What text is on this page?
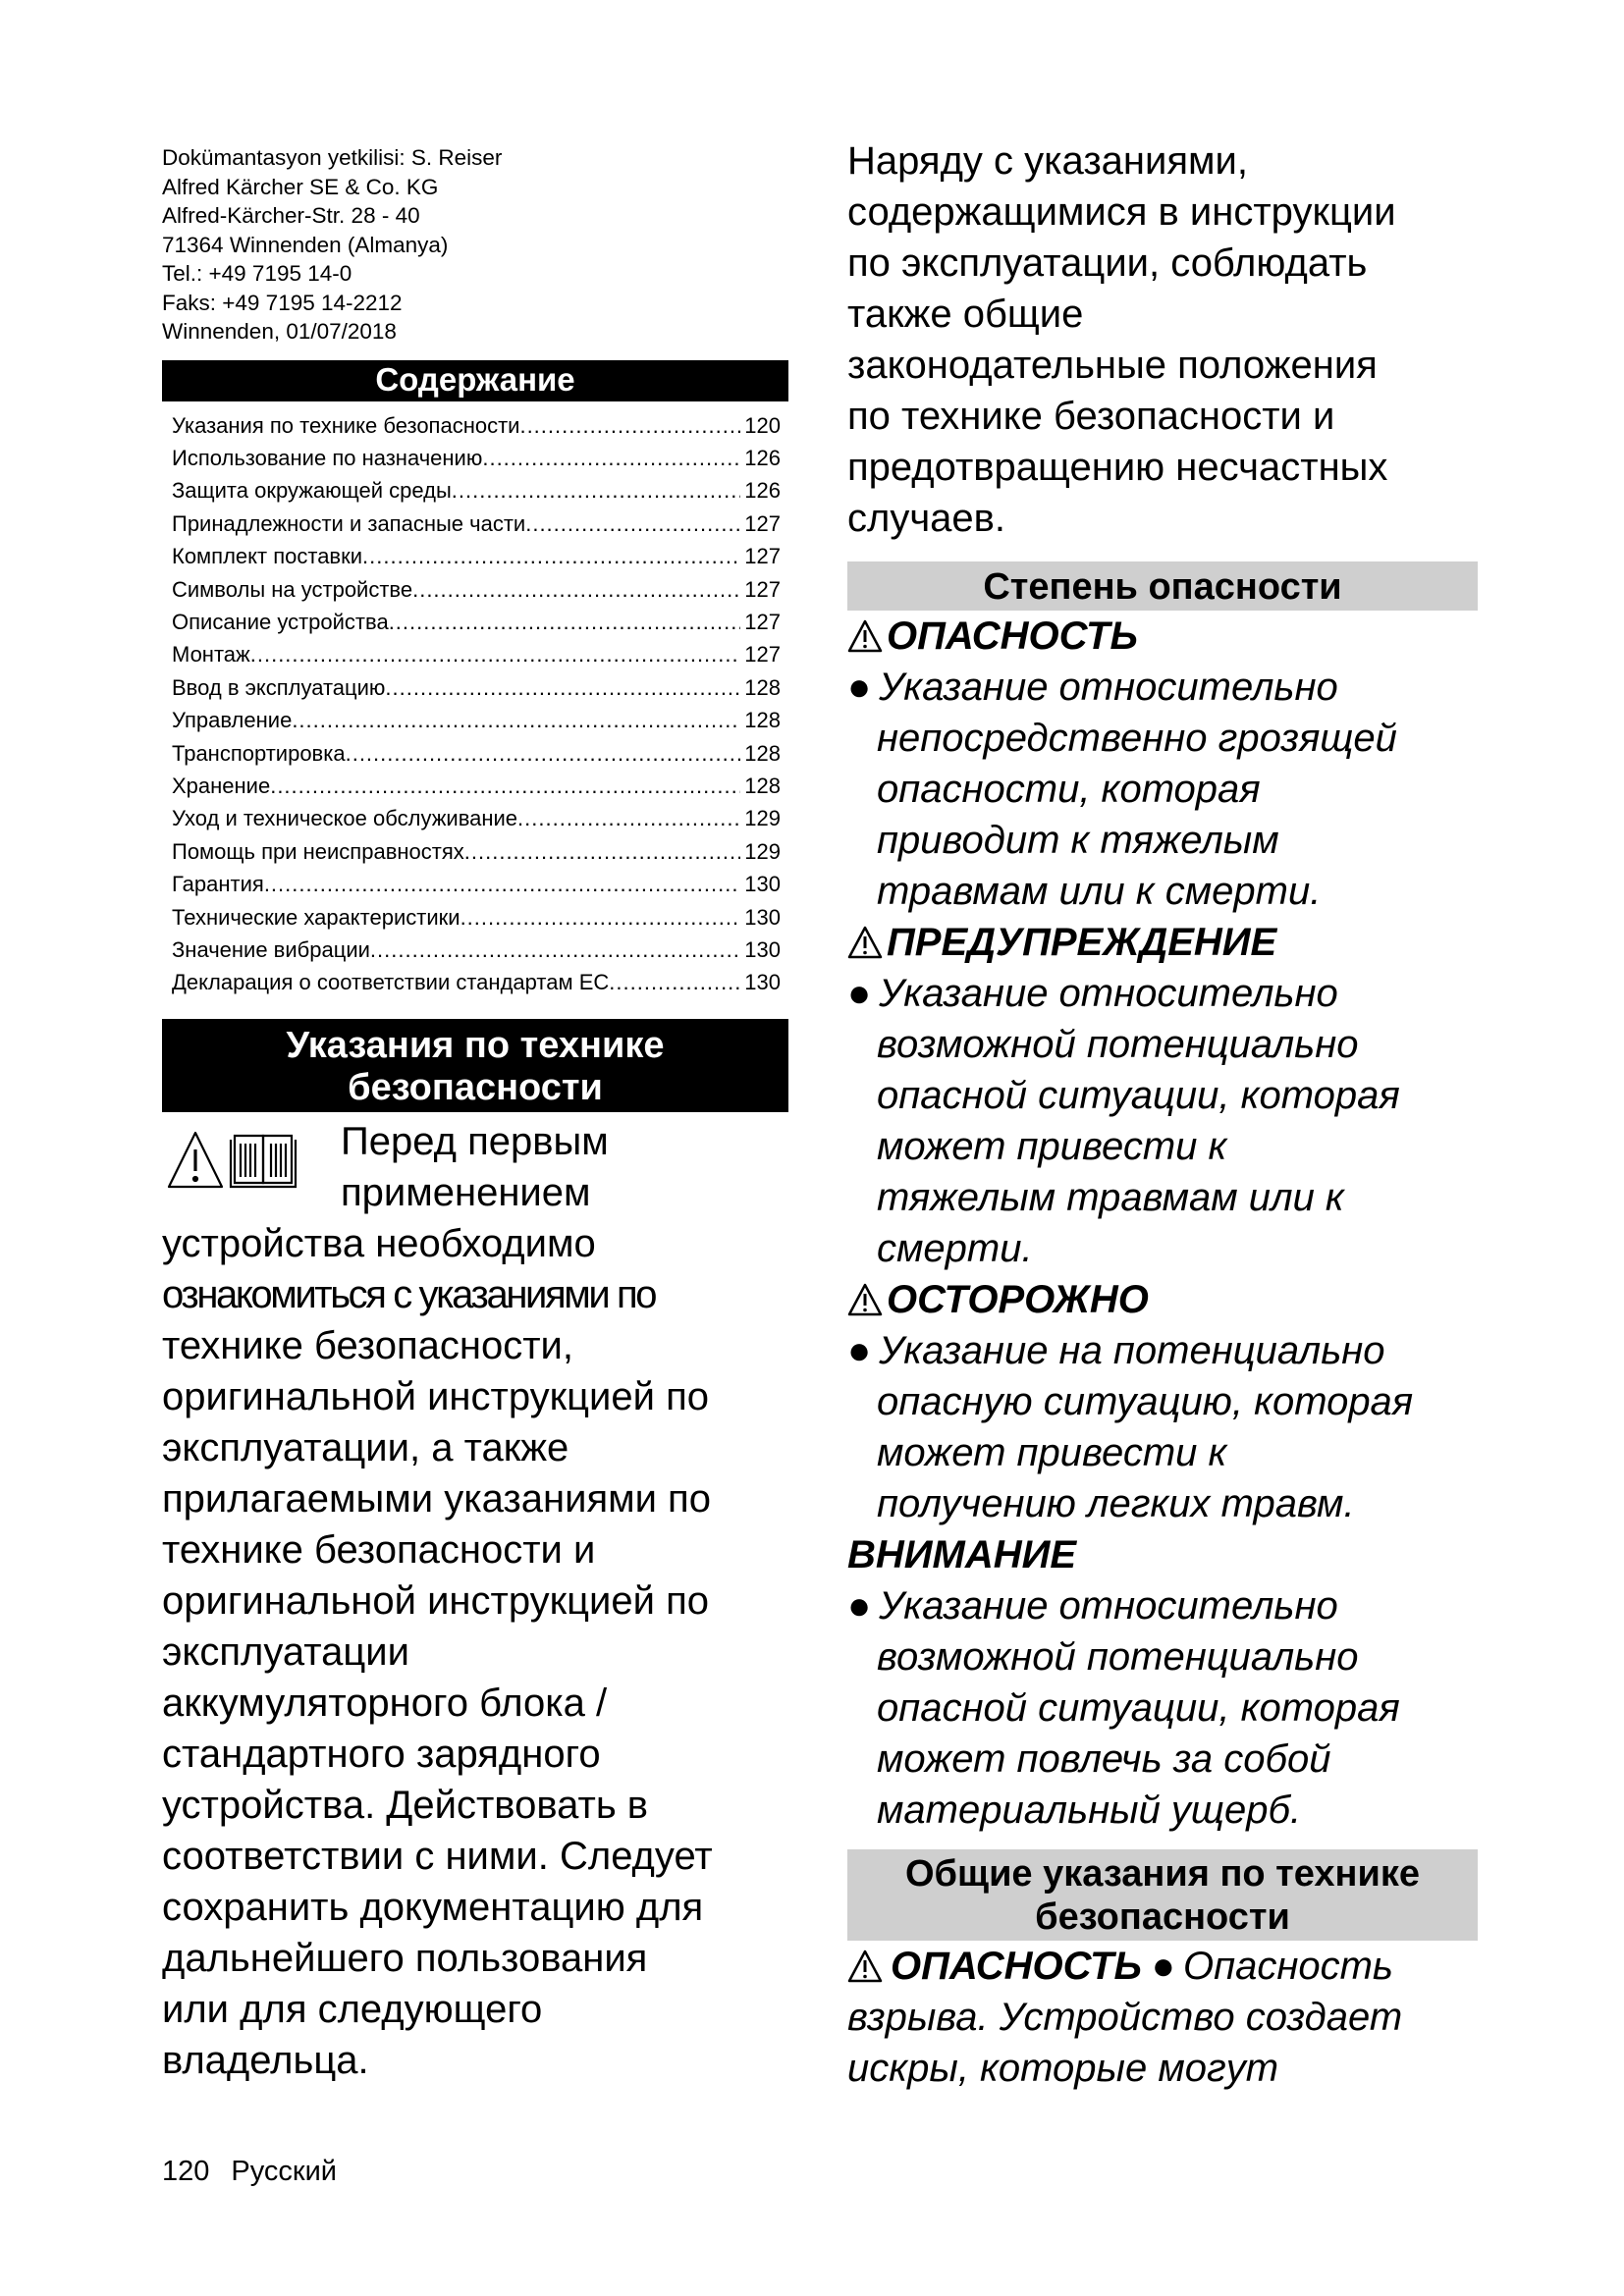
Dokümantasyon yetkilisi: S. Reiser
Alfred Kärcher SE & Co. KG
Alfred-Kärcher-Str. 28 - 40
71364 Winnenden (Almanya)
Tel.: +49 7195 14-0
Faks: +49 7195 14-2212
Winnenden, 01/07/2018
Содержание
Указания по технике безопасности .....	120
Использование по назначению .....	126
Защита окружающей среды .....	126
Принадлежности и запасные части .....	127
Комплект поставки .....	127
Символы на устройстве .....	127
Описание устройства .....	127
Монтаж .....	127
Ввод в эксплуатацию .....	128
Управление .....	128
Транспортировка .....	128
Хранение .....	128
Уход и техническое обслуживание .....	129
Помощь при неисправностях .....	129
Гарантия .....	130
Технические характеристики .....	130
Значение вибрации .....	130
Декларация о соответствии стандартам ЕС .....	130
Указания по технике
безопасности
Перед первым
применением
устройства необходимо
ознакомиться с указаниями по
технике безопасности,
оригинальной инструкцией по
эксплуатации, а также
прилагаемыми указаниями по
технике безопасности и
оригинальной инструкцией по
эксплуатации
аккумуляторного блока /
стандартного зарядного
устройства. Действовать в
соответствии с ними. Следует
сохранить документацию для
дальнейшего пользования
или для следующего
владельца.
Наряду с указаниями,
содержащимися в инструкции
по эксплуатации, соблюдать
также общие
законодательные положения
по технике безопасности и
предотвращению несчастных
случаев.
Степень опасности
ОПАСНОСТЬ
● Указание относительно
непосредственно грозящей
опасности, которая
приводит к тяжелым
травмам или к смерти.
ПРЕДУПРЕЖДЕНИЕ
● Указание относительно
возможной потенциально
опасной ситуации, которая
может привести к
тяжелым травмам или к
смерти.
ОСТОРОЖНО
● Указание на потенциально
опасную ситуацию, которая
может привести к
получению легких травм.
ВНИМАНИЕ
● Указание относительно
возможной потенциально
опасной ситуации, которая
может повлечь за собой
материальный ущерб.
Общие указания по технике
безопасности
ОПАСНОСТЬ ● Опасность
взрыва. Устройство создает
искры, которые могут
120 Русский
